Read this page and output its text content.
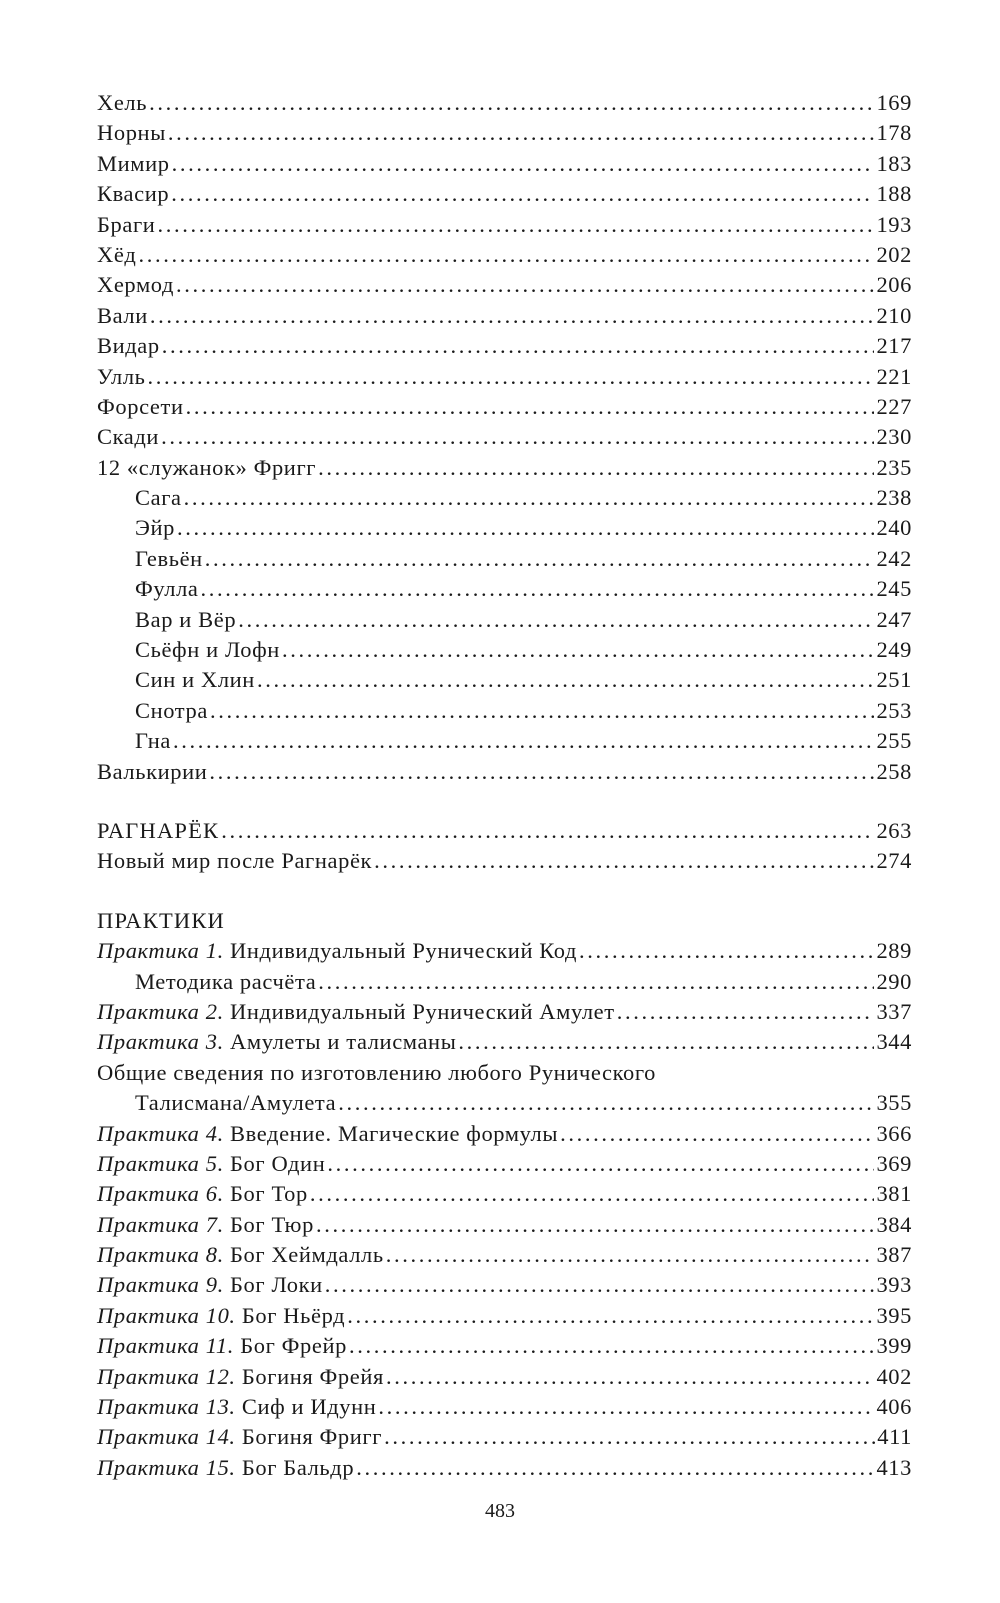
Хель . . .	169
Норны . . .	178
Мимир . . .	183
Квасир . . .	188
Браги . . .	193
Хёд . . .	202
Хермод . . .	206
Вали . . .	210
Видар . . .	217
Улль . . .	221
Форсети . . .	227
Скади . . .	230
12 «служанок» Фригг . . .	235
Сага . . .	238
Эйр . . .	240
Гевьён . . .	242
Фулла . . .	245
Вар и Вёр . . .	247
Сьёфн и Лофн . . .	249
Син и Хлин . . .	251
Снотра . . .	253
Гна . . .	255
Валькирии . . .	258
РАГНАРЁК . . .	263
Новый мир после Рагнарёк . . .	274
ПРАКТИКИ
Практика 1. Индивидуальный Рунический Код . . .	289
Методика расчёта . . .	290
Практика 2. Индивидуальный Рунический Амулет . . .	337
Практика 3. Амулеты и талисманы . . .	344
Общие сведения по изготовлению любого Рунического
Талисмана/Амулета . . .	355
Практика 4. Введение. Магические формулы . . .	366
Практика 5. Бог Один . . .	369
Практика 6. Бог Тор . . .	381
Практика 7. Бог Тюр . . .	384
Практика 8. Бог Хеймдалль . . .	387
Практика 9. Бог Локи . . .	393
Практика 10. Бог Ньёрд . . .	395
Практика 11. Бог Фрейр . . .	399
Практика 12. Богиня Фрейя . . .	402
Практика 13. Сиф и Идунн . . .	406
Практика 14. Богиня Фригг . . .	411
Практика 15. Бог Бальдр . . .	413
483
